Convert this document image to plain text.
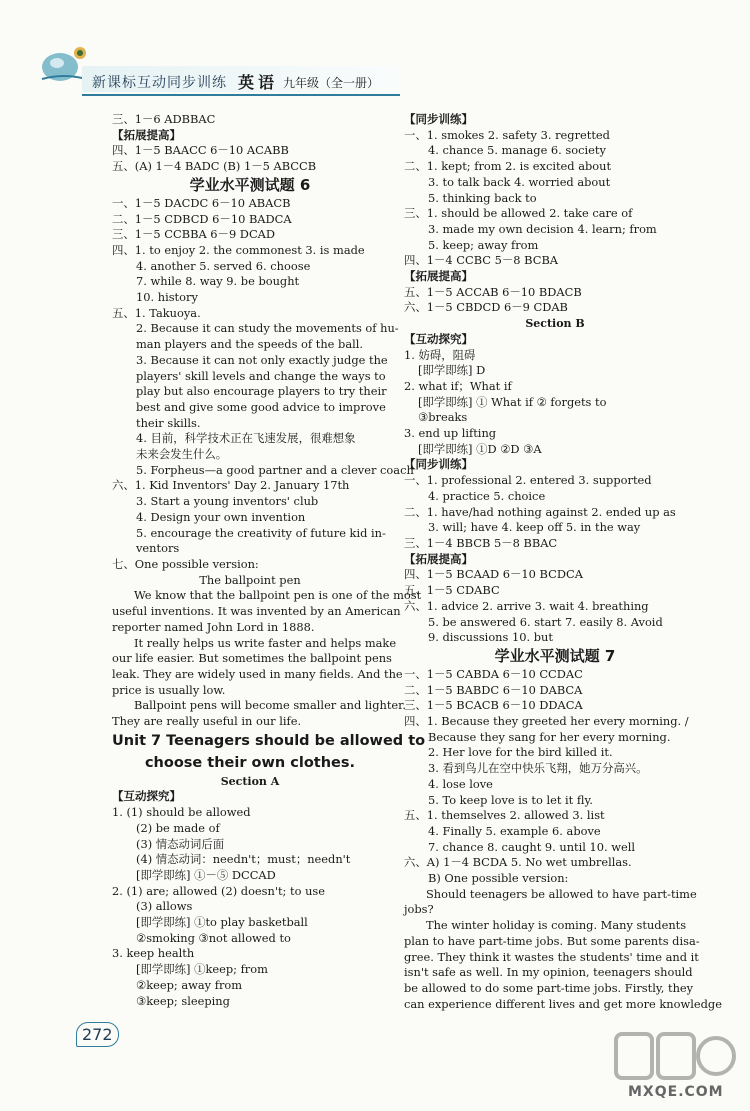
新课标互动同步训练 英语 九年级（全一册）
三、1－6 ADBBAC
【拓展提高】
四、1－5 BAACC 6－10 ACABB
五、(A) 1－4 BADC (B) 1－5 ABCCB
学业水平测试题 6
一、1－5 DACDC 6－10 ABACB
二、1－5 CDBCD 6－10 BADCA
三、1－5 CCBBA 6－9 DCAD
四、1. to enjoy 2. the commonest 3. is made
4. another 5. served 6. choose
7. while 8. way 9. be bought
10. history
五、1. Takuoya.
2. Because it can study the movements of hu-
man players and the speeds of the ball.
3. Because it can not only exactly judge the
players' skill levels and change the ways to
play but also encourage players to try their
best and give some good advice to improve
their skills.
4. 目前，科学技术正在飞速发展，很难想象
未来会发生什么。
5. Forpheus—a good partner and a clever coach
六、1. Kid Inventors' Day 2. January 17th
3. Start a young inventors' club
4. Design your own invention
5. encourage the creativity of future kid in-
ventors
七、One possible version:
The ballpoint pen
We know that the ballpoint pen is one of the most
useful inventions. It was invented by an American
reporter named John Lord in 1888.
It really helps us write faster and helps make
our life easier. But sometimes the ballpoint pens
leak. They are widely used in many fields. And the
price is usually low.
Ballpoint pens will become smaller and lighter.
They are really useful in our life.
Unit 7 Teenagers should be allowed to
choose their own clothes.
Section A
【互动探究】
1. (1) should be allowed
(2) be made of
(3) 情态动词后面
(4) 情态动词：needn't；must；needn't
[即学即练] ①－⑤ DCCAD
2. (1) are; allowed (2) doesn't; to use
(3) allows
[即学即练] ①to play basketball
②smoking ③not allowed to
3. keep health
[即学即练] ①keep; from
②keep; away from
③keep; sleeping
【同步训练】
一、1. smokes 2. safety 3. regretted
4. chance 5. manage 6. society
二、1. kept; from 2. is excited about
3. to talk back 4. worried about
5. thinking back to
三、1. should be allowed 2. take care of
3. made my own decision 4. learn; from
5. keep; away from
四、1－4 CCBC 5－8 BCBA
【拓展提高】
五、1－5 ACCAB 6－10 BDACB
六、1－5 CBDCD 6－9 CDAB
Section B
【互动探究】
1. 妨碍，阻碍
[即学即练] D
2. what if；What if
[即学即练] ① What if ② forgets to
③breaks
3. end up lifting
[即学即练] ①D ②D ③A
【同步训练】
一、1. professional 2. entered 3. supported
4. practice 5. choice
二、1. have/had nothing against 2. ended up as
3. will; have 4. keep off 5. in the way
三、1－4 BBCB 5－8 BBAC
【拓展提高】
四、1－5 BCAAD 6－10 BCDCA
五、1－5 CDABC
六、1. advice 2. arrive 3. wait 4. breathing
5. be answered 6. start 7. easily 8. Avoid
9. discussions 10. but
学业水平测试题 7
一、1－5 CABDA 6－10 CCDAC
二、1－5 BABDC 6－10 DABCA
三、1－5 BCACB 6－10 DDACA
四、1. Because they greeted her every morning. /
Because they sang for her every morning.
2. Her love for the bird killed it.
3. 看到鸟儿在空中快乐飞翔，她万分高兴。
4. lose love
5. To keep love is to let it fly.
五、1. themselves 2. allowed 3. list
4. Finally 5. example 6. above
7. chance 8. caught 9. until 10. well
六、A) 1－4 BCDA 5. No wet umbrellas.
B) One possible version:
Should teenagers be allowed to have part-time
jobs?
The winter holiday is coming. Many students
plan to have part-time jobs. But some parents disa-
gree. They think it wastes the students' time and it
isn't safe as well. In my opinion, teenagers should
be allowed to do some part-time jobs. Firstly, they
can experience different lives and get more knowledge
272
MXQE.COM
